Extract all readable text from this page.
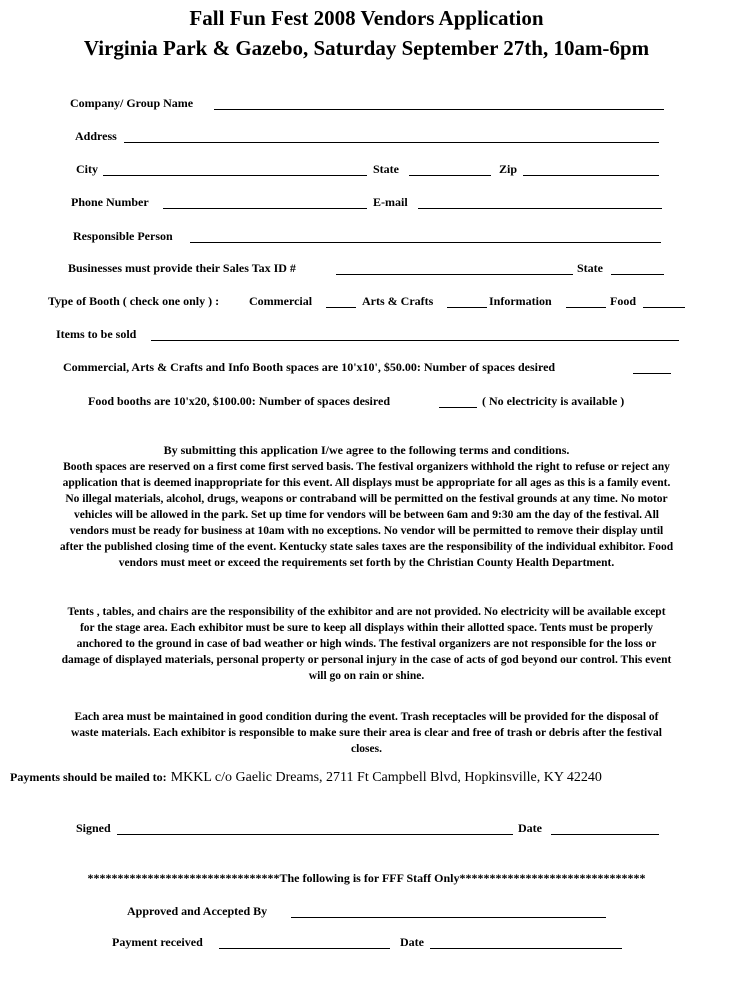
Fall Fun Fest 2008 Vendors Application
Virginia Park & Gazebo, Saturday September 27th, 10am-6pm
Company/ Group Name
Address
City	State	Zip
Phone Number	E-mail
Responsible Person
Businesses must provide their Sales Tax ID #	State
Type of Booth ( check one only ) : Commercial	Arts & Crafts	Information	Food
Items to be sold
Commercial, Arts & Crafts and Info Booth spaces are 10'x10', $50.00: Number of spaces desired
Food booths are 10'x20, $100.00: Number of spaces desired	( No electricity is available )
By submitting this application I/we agree to the following terms and conditions.

Booth spaces are reserved on a first come first served basis. The festival organizers withhold the right to refuse or reject any

application that is deemed inappropriate for this event. All displays must be appropriate for all ages as this is a family event.

No illegal materials, alcohol, drugs, weapons or contraband will be permitted on the festival grounds at any time. No motor

vehicles will be allowed in the park. Set up time for vendors will be between 6am and 9:30 am the day of the festival. All

vendors must be ready for business at 10am with no exceptions. No vendor will be permitted to remove their display until

after the published closing time of the event. Kentucky state sales taxes are the responsibility of the individual exhibitor. Food

vendors must meet or exceed the requirements set forth by the Christian County Health Department.

Tents , tables, and chairs are the responsibility of the exhibitor and are not provided. No electricity will be available except

for the stage area. Each exhibitor must be sure to keep all displays within their allotted space. Tents must be properly

anchored to the ground in case of bad weather or high winds. The festival organizers are not responsible for the loss or

damage of displayed materials, personal property or personal injury in the case of acts of god beyond our control. This event

will go on rain or shine.

Each area must be maintained in good condition during the event. Trash receptacles will be provided for the disposal of

waste materials. Each exhibitor is responsible to make sure their area is clear and free of trash or debris after the festival

closes.

Payments should be mailed to: MKKL c/o Gaelic Dreams, 2711 Ft Campbell Blvd, Hopkinsville, KY 42240
Signed	Date
********************************The following is for FFF Staff Only*******************************
Approved and Accepted By
Payment received	Date
